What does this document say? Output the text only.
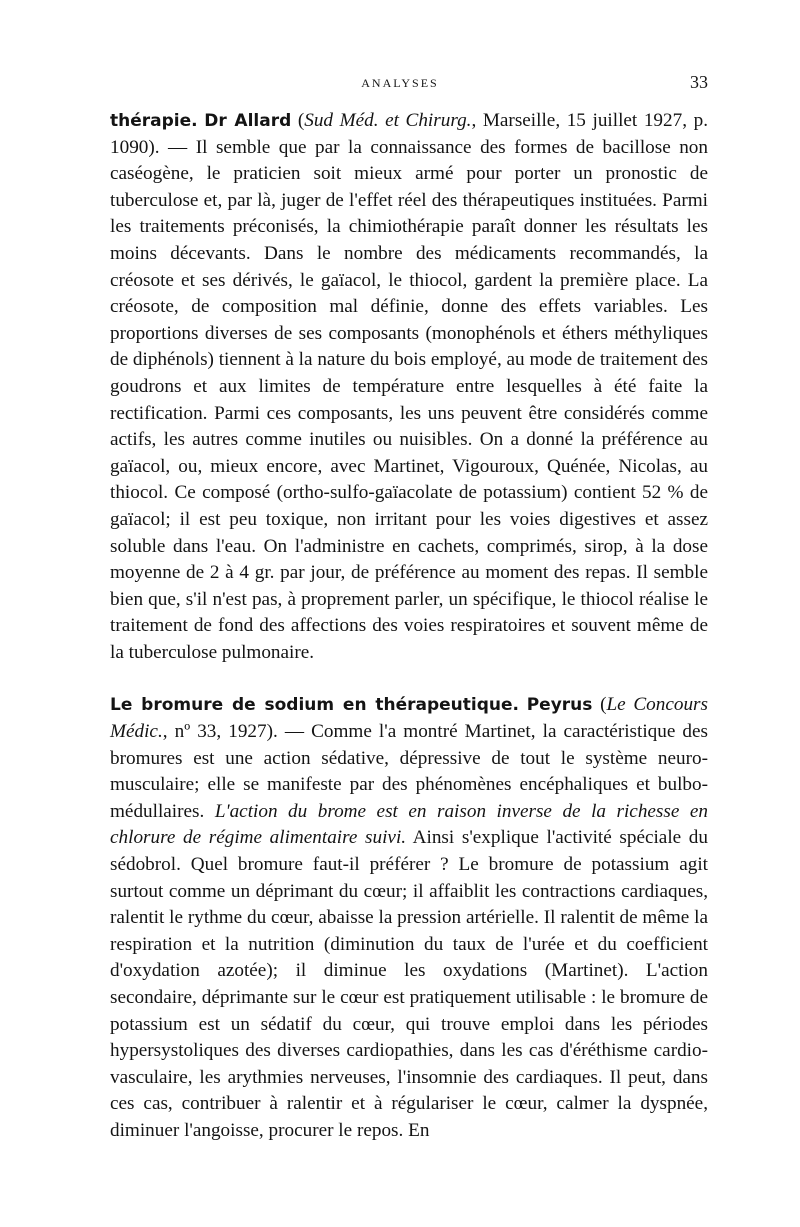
ANALYSES	33

thérapie. Dr Allard (Sud Méd. et Chirurg., Marseille, 15 juillet 1927, p. 1090). — Il semble que par la connaissance des formes de bacillose non caséogène, le praticien soit mieux armé pour porter un pronostic de tuberculose et, par là, juger de l'effet réel des thérapeutiques instituées. Parmi les traitements préconisés, la chimiothérapie paraît donner les résultats les moins décevants. Dans le nombre des médicaments recommandés, la créosote et ses dérivés, le gaïacol, le thiocol, gardent la première place. La créosote, de composition mal définie, donne des effets variables. Les proportions diverses de ses composants (monophénols et éthers méthyliques de diphénols) tiennent à la nature du bois employé, au mode de traitement des goudrons et aux limites de température entre lesquelles à été faite la rectification. Parmi ces composants, les uns peuvent être considérés comme actifs, les autres comme inutiles ou nuisibles. On a donné la préférence au gaïacol, ou, mieux encore, avec Martinet, Vigouroux, Quénée, Nicolas, au thiocol. Ce composé (ortho-sulfo-gaïacolate de potassium) contient 52 % de gaïacol; il est peu toxique, non irritant pour les voies digestives et assez soluble dans l'eau. On l'administre en cachets, comprimés, sirop, à la dose moyenne de 2 à 4 gr. par jour, de préférence au moment des repas. Il semble bien que, s'il n'est pas, à proprement parler, un spécifique, le thiocol réalise le traitement de fond des affections des voies respiratoires et souvent même de la tuberculose pulmonaire.

Le bromure de sodium en thérapeutique. Peyrus (Le Concours Médic., nº 33, 1927). — Comme l'a montré Martinet, la caractéristique des bromures est une action sédative, dépressive de tout le système neuro-musculaire; elle se manifeste par des phénomènes encéphaliques et bulbo-médullaires. L'action du brome est en raison inverse de la richesse en chlorure de régime alimentaire suivi. Ainsi s'explique l'activité spéciale du sédobrol. Quel bromure faut-il préférer ? Le bromure de potassium agit surtout comme un déprimant du cœur; il affaiblit les contractions cardiaques, ralentit le rythme du cœur, abaisse la pression artérielle. Il ralentit de même la respiration et la nutrition (diminution du taux de l'urée et du coefficient d'oxydation azotée); il diminue les oxydations (Martinet). L'action secondaire, déprimante sur le cœur est pratiquement utilisable : le bromure de potassium est un sédatif du cœur, qui trouve emploi dans les périodes hypersystoliques des diverses cardiopathies, dans les cas d'éréthisme cardio-vasculaire, les arythmies nerveuses, l'insomnie des cardiaques. Il peut, dans ces cas, contribuer à ralentir et à régulariser le cœur, calmer la dyspnée, diminuer l'angoisse, procurer le repos. En
